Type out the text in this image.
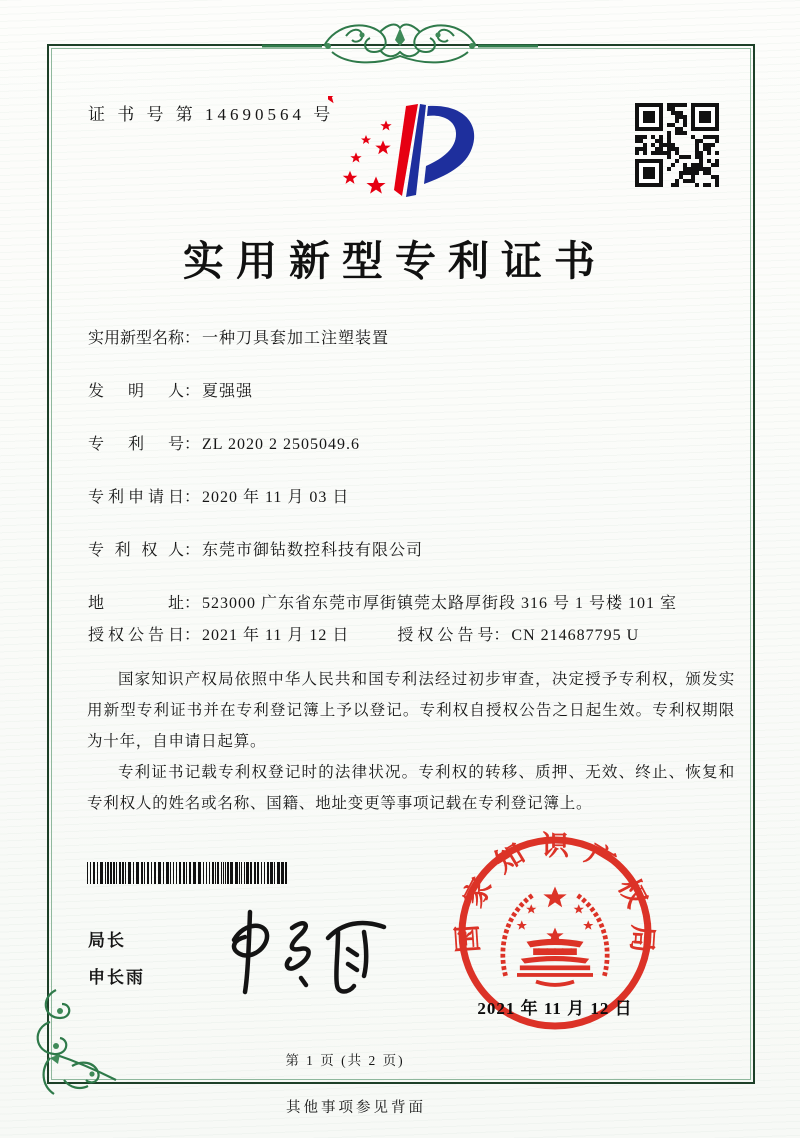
证 书 号 第 14690564 号
实用新型专利证书
实用新型名称 ： 一种刀具套加工注塑装置
发　明　人 ： 夏强强
专　利　号 ： ZL 2020 2 2505049.6
专利申请日 ： 2020 年 11 月 03 日
专 利 权 人 ： 东莞市御钻数控科技有限公司
地　　址 ： 523000 广东省东莞市厚街镇莞太路厚街段 316 号 1 号楼 101 室
授权公告日 ： 2021 年 11 月 12 日	授权公告号 ： CN 214687795 U

国家知识产权局依照中华人民共和国专利法经过初步审查，决定授予专利权，颁发实用新型专利证书并在专利登记簿上予以登记。专利权自授权公告之日起生效。专利权期限为十年，自申请日起算。

专利证书记载专利权登记时的法律状况。专利权的转移、质押、无效、终止、恢复和专利权人的姓名或名称、国籍、地址变更等事项记载在专利登记簿上。

局长
申长雨
国家知识产权局
2021 年 11 月 12 日
第 1 页 (共 2 页)
其他事项参见背面
